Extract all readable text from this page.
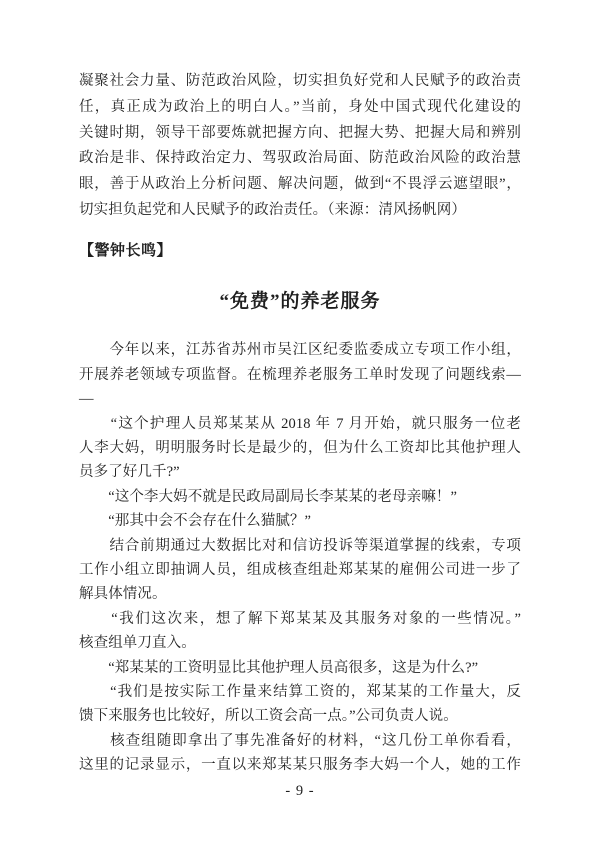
凝聚社会力量、防范政治风险，切实担负好党和人民赋予的政治责
任，真正成为政治上的明白人。”当前，身处中国式现代化建设的
关键时期，领导干部要炼就把握方向、把握大势、把握大局和辨别
政治是非、保持政治定力、驾驭政治局面、防范政治风险的政治慧
眼，善于从政治上分析问题、解决问题，做到“不畏浮云遮望眼”，
切实担负起党和人民赋予的政治责任。（来源：清风扬帆网）
【警钟长鸣】
“免费”的养老服务
　　今年以来，江苏省苏州市吴江区纪委监委成立专项工作小组，
开展养老领域专项监督。在梳理养老服务工单时发现了问题线索—
—
　　“这个护理人员郑某某从 2018 年 7 月开始，就只服务一位老
人李大妈，明明服务时长是最少的，但为什么工资却比其他护理人
员多了好几千?”
　　“这个李大妈不就是民政局副局长李某某的老母亲嘛！”
　　“那其中会不会存在什么猫腻？”
　　结合前期通过大数据比对和信访投诉等渠道掌握的线索，专项
工作小组立即抽调人员，组成核查组赴郑某某的雇佣公司进一步了
解具体情况。
　　“我们这次来，想了解下郑某某及其服务对象的一些情况。”
核查组单刀直入。
　　“郑某某的工资明显比其他护理人员高很多，这是为什么?”
　　“我们是按实际工作量来结算工资的，郑某某的工作量大，反
馈下来服务也比较好，所以工资会高一点。”公司负责人说。
　　核查组随即拿出了事先准备好的材料，“这几份工单你看看，
这里的记录显示，一直以来郑某某只服务李大妈一个人，她的工作
- 9 -
